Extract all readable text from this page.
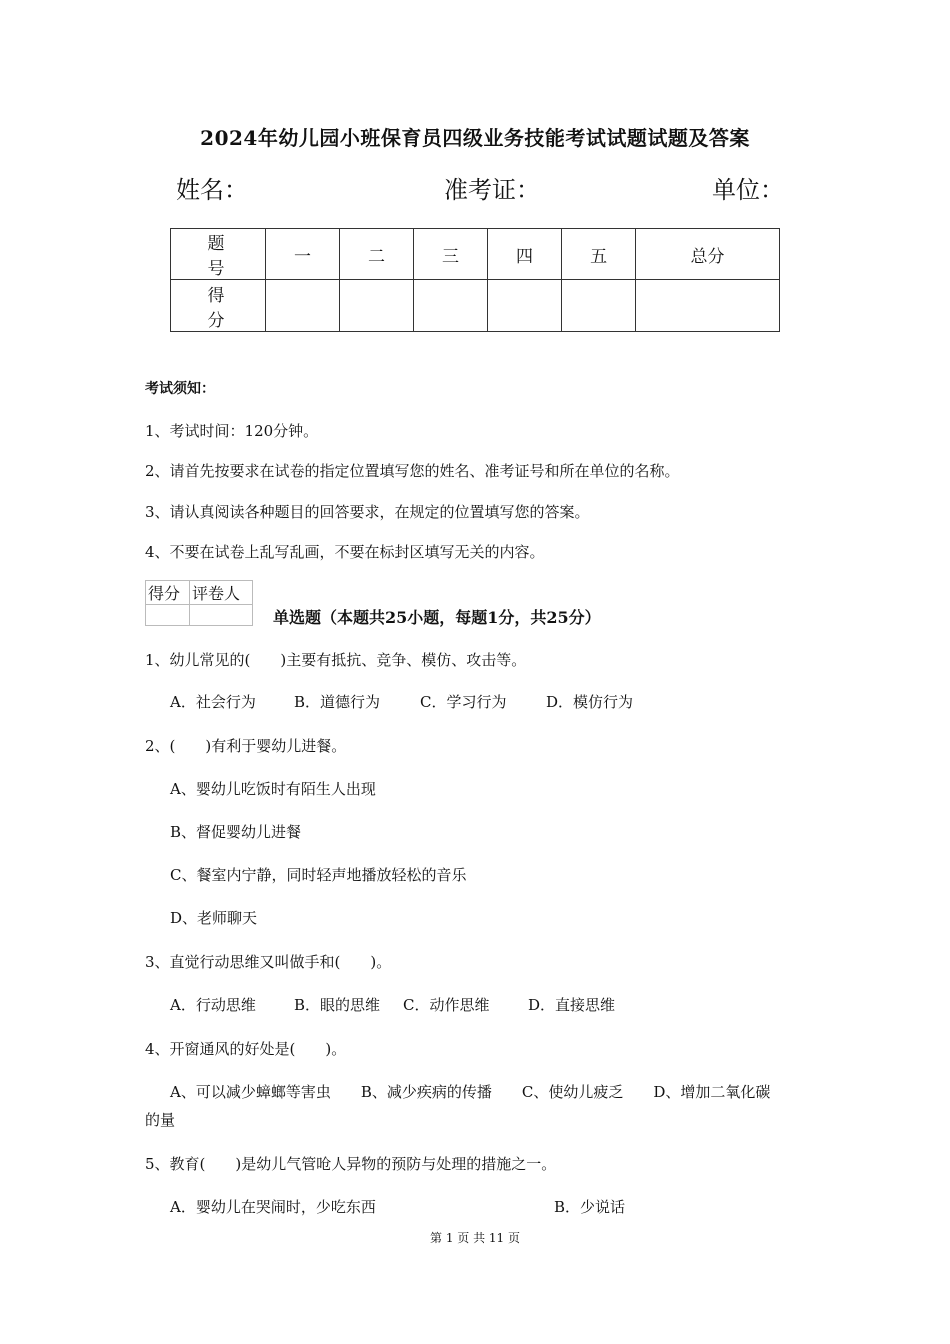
2024年幼儿园小班保育员四级业务技能考试试题试题及答案
姓名：	准考证：	单位：
题　号	一	二	三	四	五	总分
得　分						
考试须知：
1、考试时间：120分钟。
2、请首先按要求在试卷的指定位置填写您的姓名、准考证号和所在单位的名称。
3、请认真阅读各种题目的回答要求，在规定的位置填写您的答案。
4、不要在试卷上乱写乱画，不要在标封区填写无关的内容。
得分	评卷人

单选题（本题共25小题，每题1分，共25分）
1、幼儿常见的(　　)主要有抵抗、竞争、模仿、攻击等。
A．社会行为	B．道德行为	C．学习行为	D．模仿行为
2、(　　)有利于婴幼儿进餐。
A、婴幼儿吃饭时有陌生人出现
B、督促婴幼儿进餐
C、餐室内宁静，同时轻声地播放轻松的音乐
D、老师聊天
3、直觉行动思维又叫做手和(　　)。
A．行动思维	B．眼的思维 C．动作思维	D．直接思维
4、开窗通风的好处是(　　)。
A、可以减少蟑螂等害虫　　B、减少疾病的传播　　C、使幼儿疲乏　　D、增加二氧化碳
的量
5、教育(　　)是幼儿气管呛人异物的预防与处理的措施之一。
A．婴幼儿在哭闹时，少吃东西	B．少说话
第 1 页 共 11 页
